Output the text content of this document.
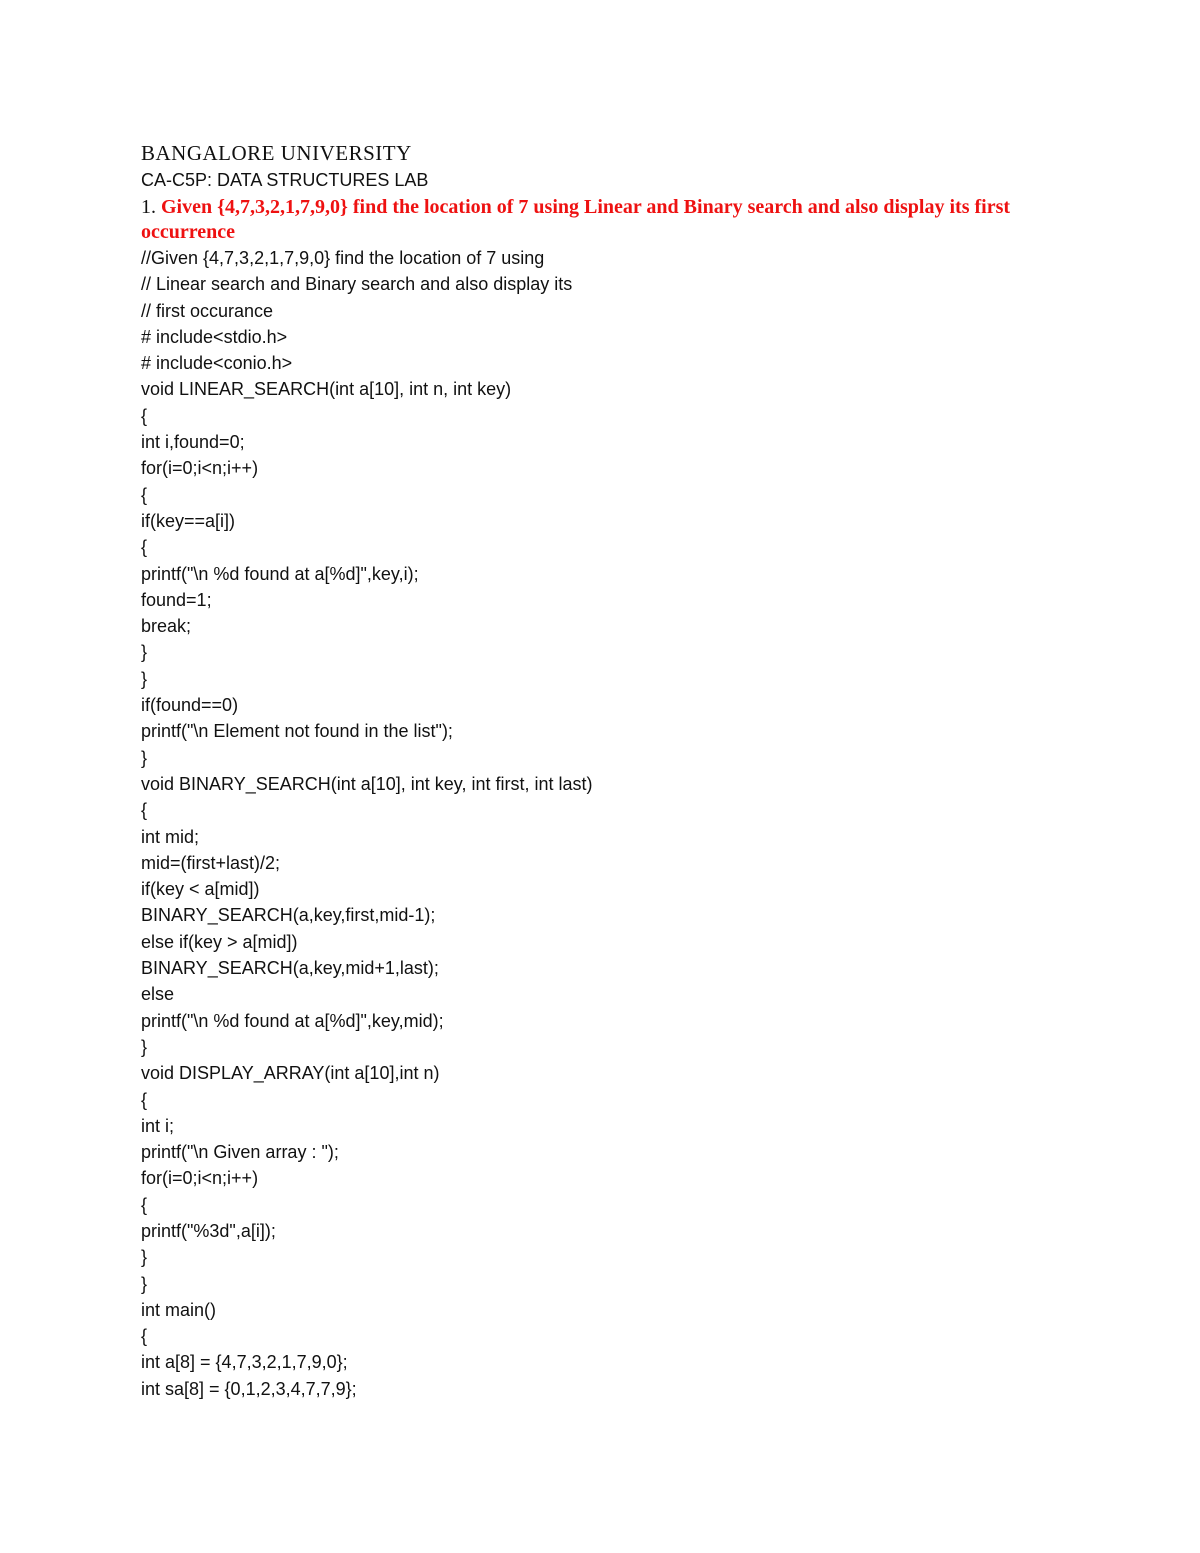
BANGALORE UNIVERSITY

CA-C5P: DATA STRUCTURES LAB

1. Given {4,7,3,2,1,7,9,0} find the location of 7 using Linear and Binary search and also display its first occurrence

//Given {4,7,3,2,1,7,9,0} find the location of 7 using
// Linear search and Binary search and also display its
// first occurance
# include<stdio.h>
# include<conio.h>
void LINEAR_SEARCH(int a[10], int n, int key)
{
int i,found=0;
for(i=0;i<n;i++)
{
if(key==a[i])
{
printf("\n %d found at a[%d]",key,i);
found=1;
break;
}
}
if(found==0)
printf("\n Element not found in the list");
}
void BINARY_SEARCH(int a[10], int key, int first, int last)
{
int mid;
mid=(first+last)/2;
if(key < a[mid])
BINARY_SEARCH(a,key,first,mid-1);
else if(key > a[mid])
BINARY_SEARCH(a,key,mid+1,last);
else
printf("\n %d found at a[%d]",key,mid);
}
void DISPLAY_ARRAY(int a[10],int n)
{
int i;
printf("\n Given array : ");
for(i=0;i<n;i++)
{
printf("%3d",a[i]);
}
}
int main()
{
int a[8] = {4,7,3,2,1,7,9,0};
int sa[8] = {0,1,2,3,4,7,7,9};
